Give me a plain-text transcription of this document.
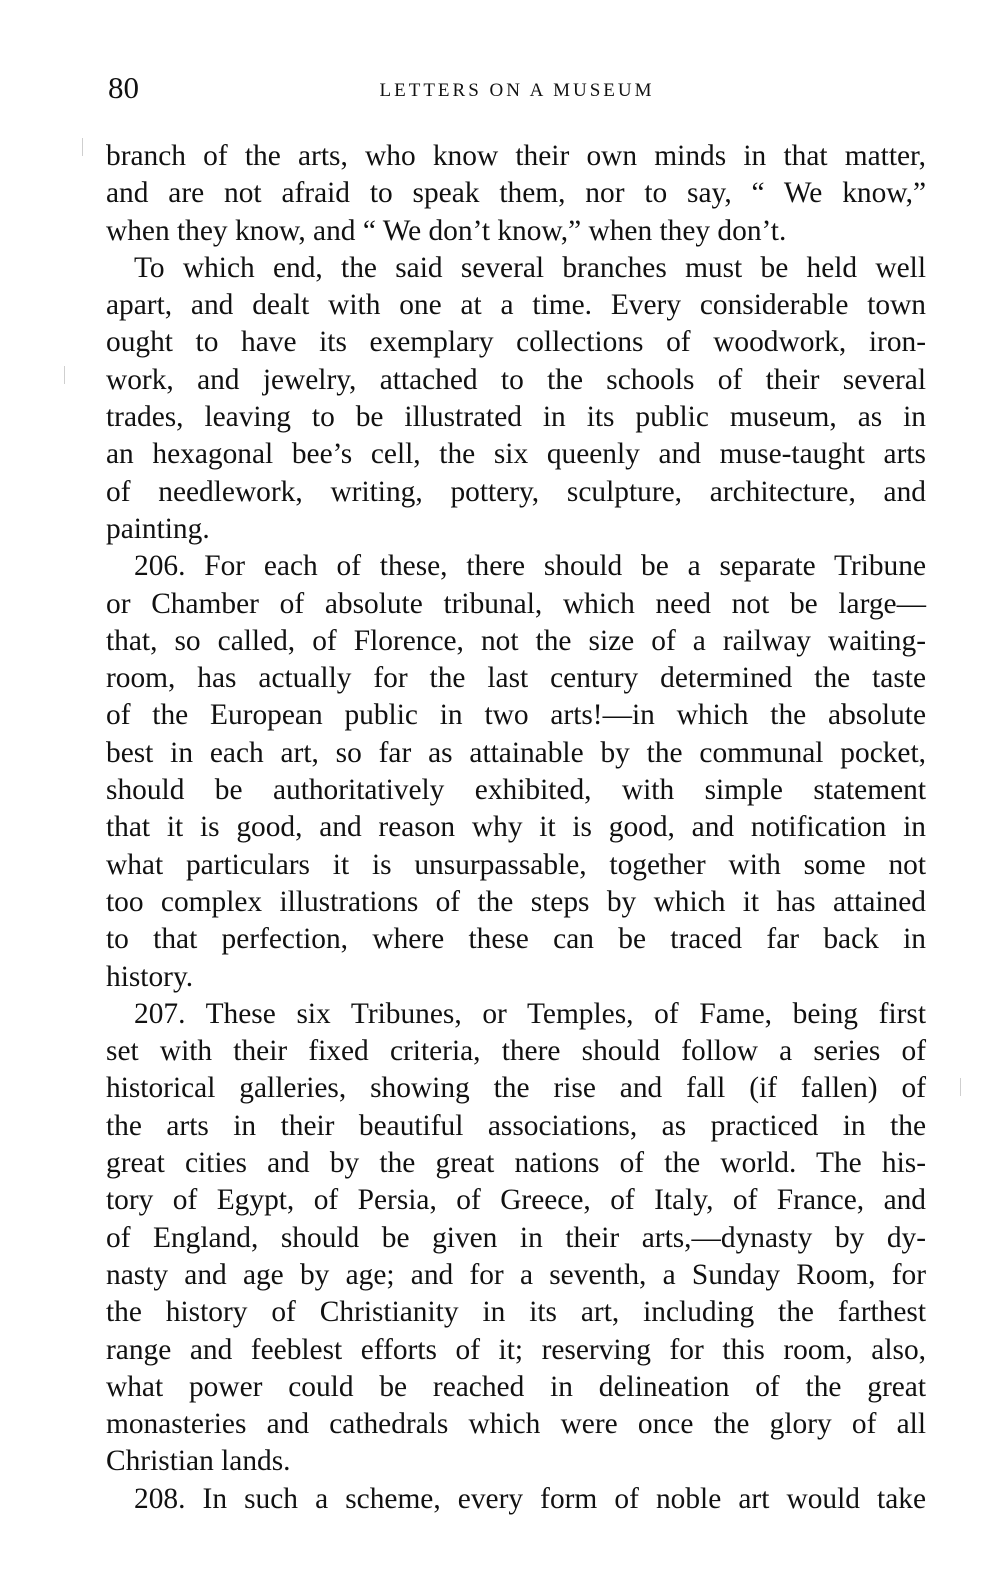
80	LETTERS ON A MUSEUM

branch of the arts, who know their own minds in that matter,
and are not afraid to speak them, nor to say, “ We know,”
when they know, and “ We don’t know,” when they don’t.

To which end, the said several branches must be held well
apart, and dealt with one at a time. Every considerable town
ought to have its exemplary collections of woodwork, iron-
work, and jewelry, attached to the schools of their several
trades, leaving to be illustrated in its public museum, as in
an hexagonal bee’s cell, the six queenly and muse-taught arts
of needlework, writing, pottery, sculpture, architecture, and
painting.

206. For each of these, there should be a separate Tribune
or Chamber of absolute tribunal, which need not be large—
that, so called, of Florence, not the size of a railway waiting-
room, has actually for the last century determined the taste
of the European public in two arts!—in which the absolute
best in each art, so far as attainable by the communal pocket,
should be authoritatively exhibited, with simple statement
that it is good, and reason why it is good, and notification in
what particulars it is unsurpassable, together with some not
too complex illustrations of the steps by which it has attained
to that perfection, where these can be traced far back in
history.

207. These six Tribunes, or Temples, of Fame, being first
set with their fixed criteria, there should follow a series of
historical galleries, showing the rise and fall (if fallen) of
the arts in their beautiful associations, as practiced in the
great cities and by the great nations of the world. The his-
tory of Egypt, of Persia, of Greece, of Italy, of France, and
of England, should be given in their arts,—dynasty by dy-
nasty and age by age; and for a seventh, a Sunday Room, for
the history of Christianity in its art, including the farthest
range and feeblest efforts of it; reserving for this room, also,
what power could be reached in delineation of the great
monasteries and cathedrals which were once the glory of all
Christian lands.

208. In such a scheme, every form of noble art would take
